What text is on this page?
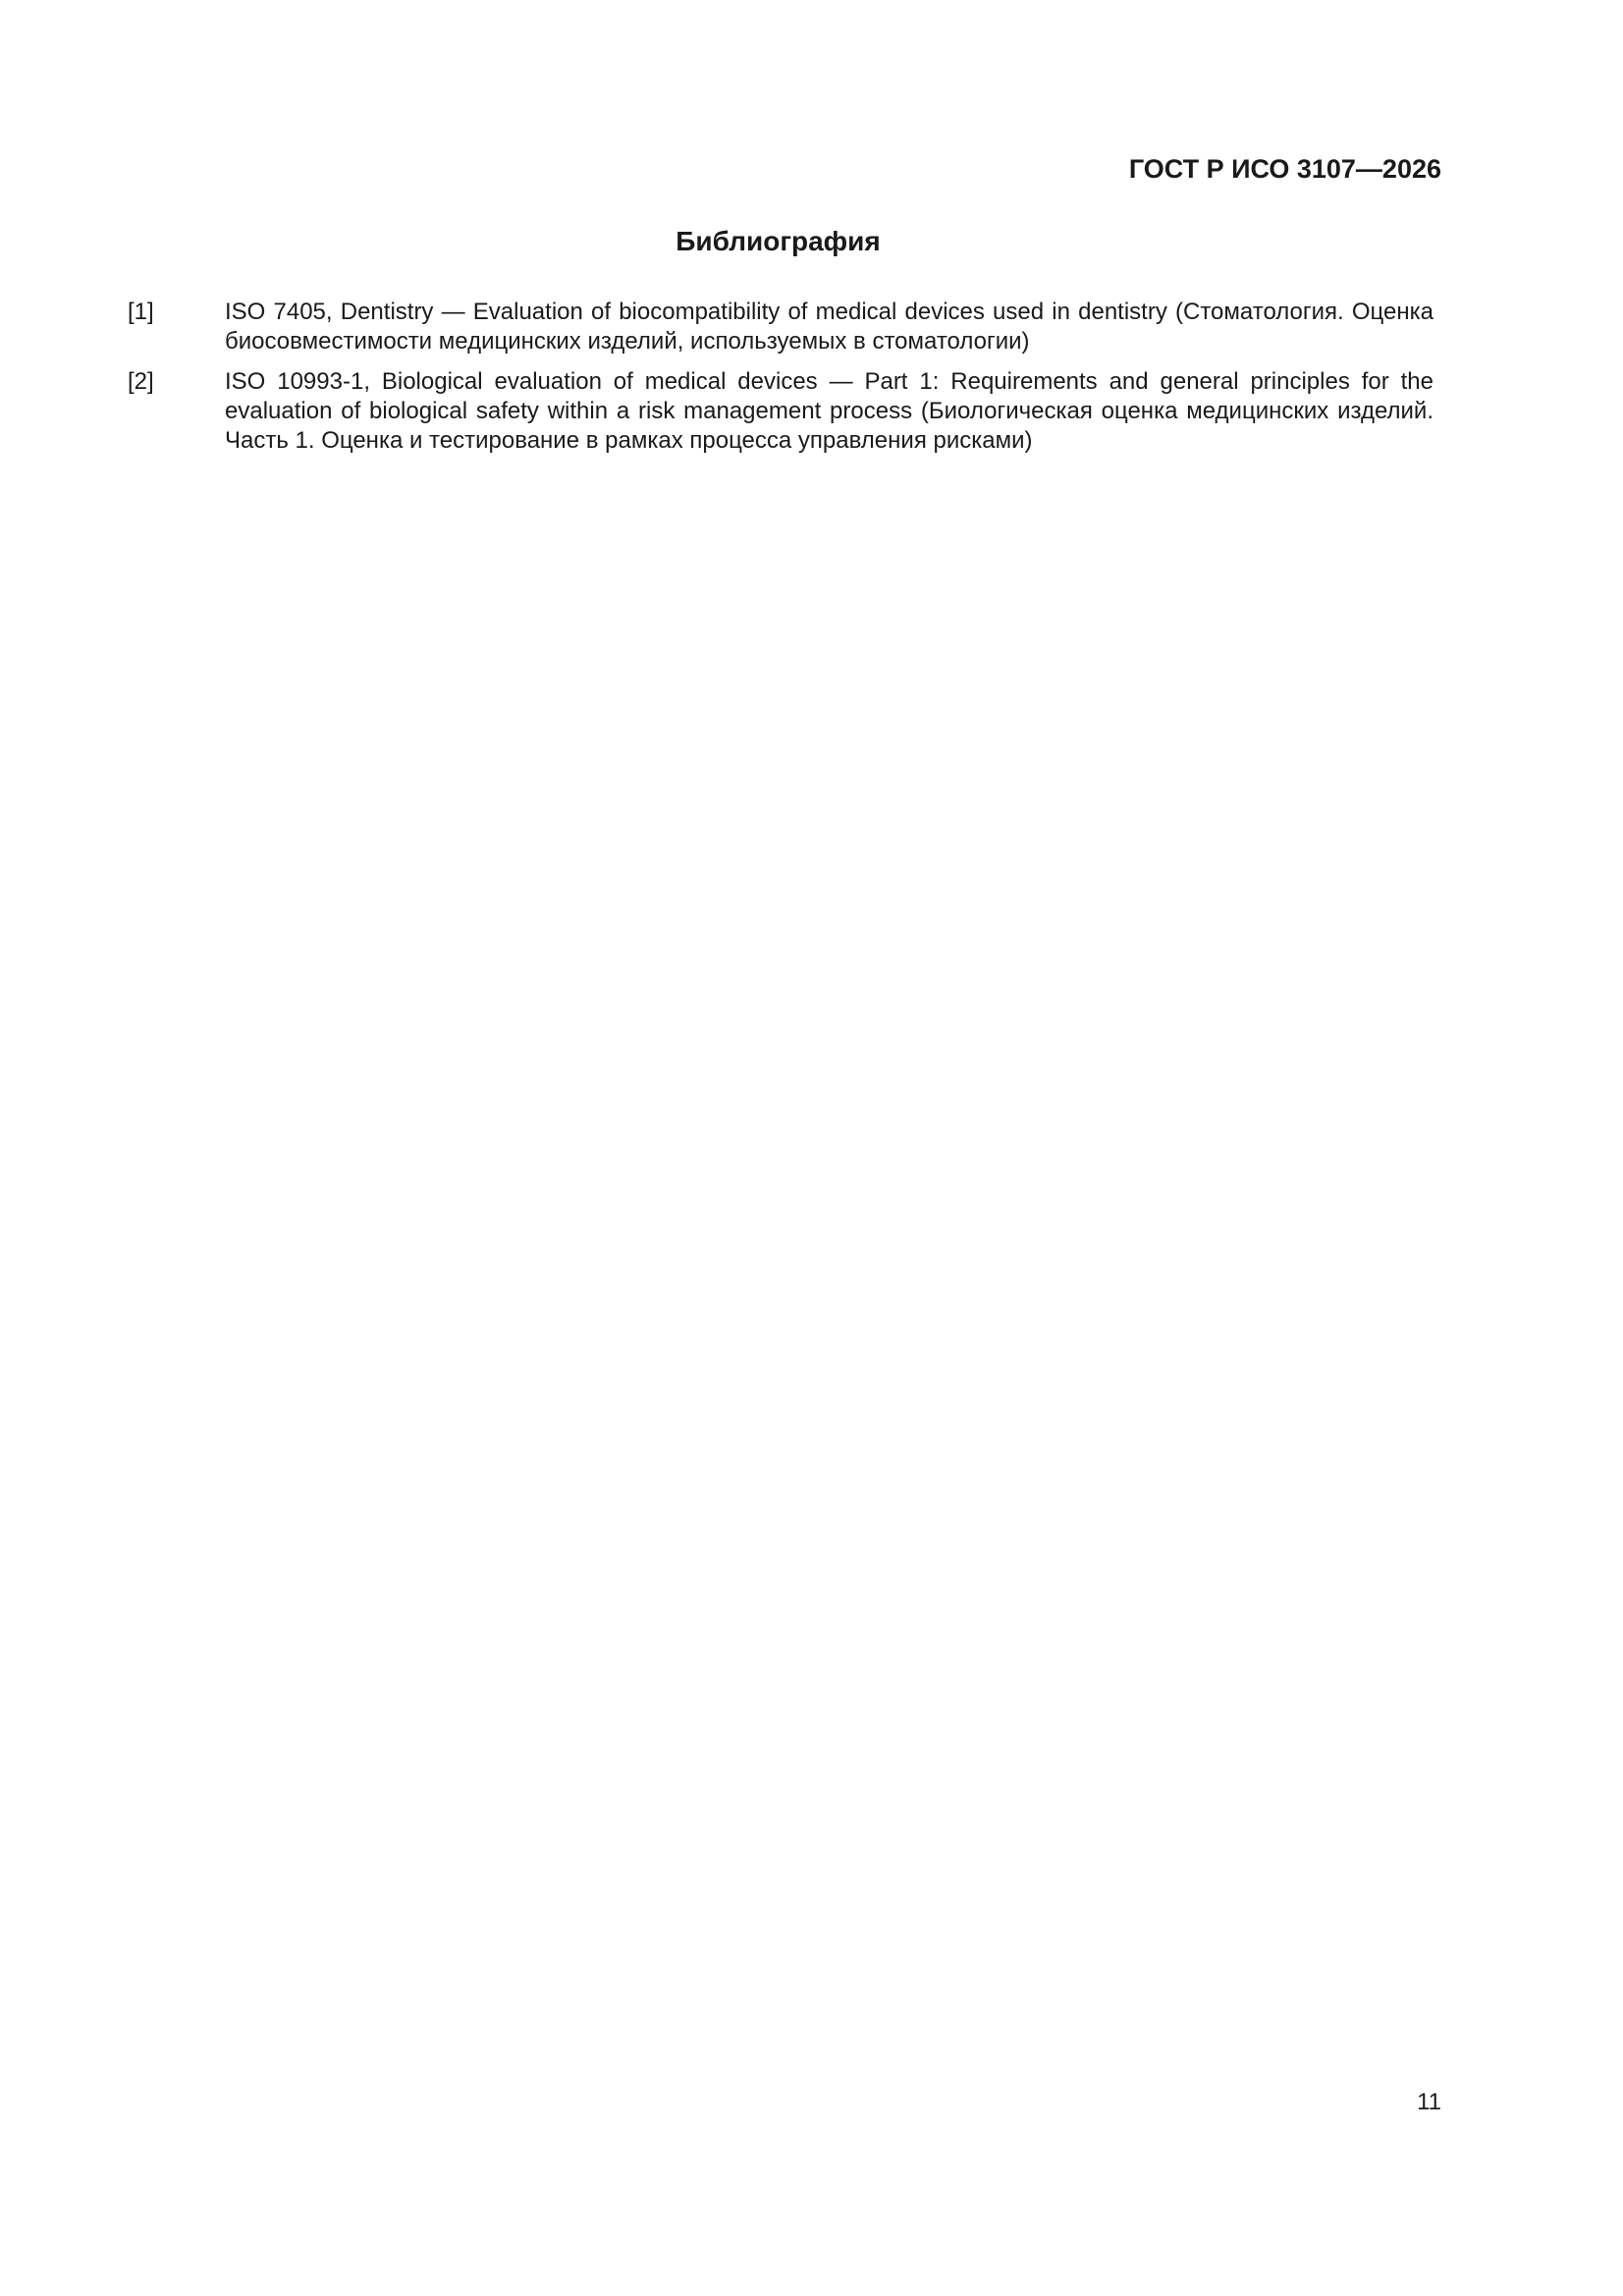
ГОСТ Р ИСО 3107—2026
Библиография
[1]	ISO 7405, Dentistry — Evaluation of biocompatibility of medical devices used in dentistry (Стоматология. Оценка биосовместимости медицинских изделий, используемых в стоматологии)
[2]	ISO 10993-1, Biological evaluation of medical devices — Part 1: Requirements and general principles for the evaluation of biological safety within a risk management process (Биологическая оценка медицинских изделий. Часть 1. Оценка и тестирование в рамках процесса управления рисками)
11
